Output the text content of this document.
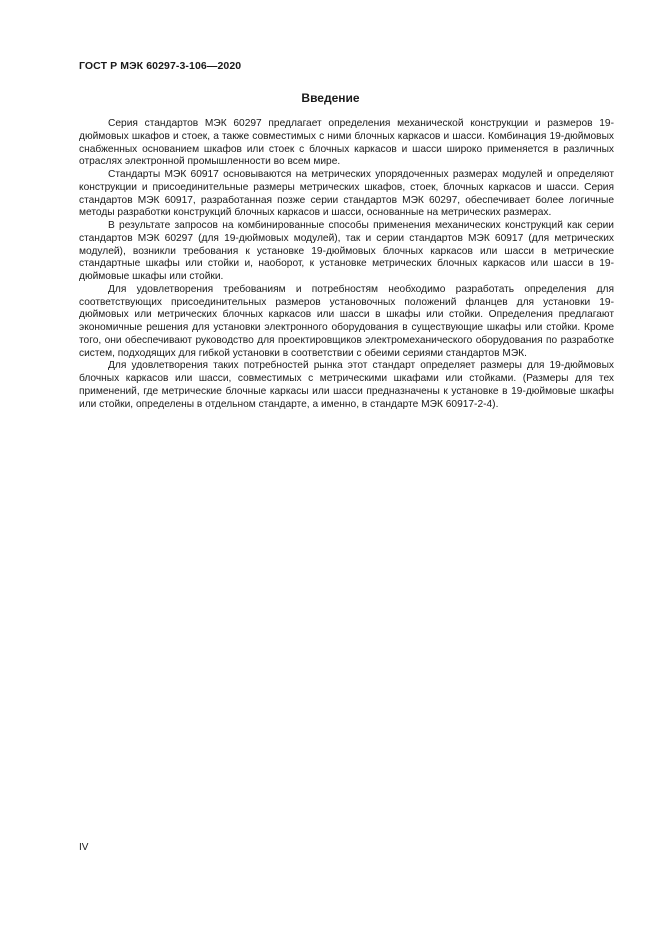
ГОСТ Р МЭК 60297-3-106—2020
Введение

Серия стандартов МЭК 60297 предлагает определения механической конструкции и размеров 19-дюймовых шкафов и стоек, а также совместимых с ними блочных каркасов и шасси. Комбинация 19-дюймовых снабженных основанием шкафов или стоек с блочных каркасов и шасси широко применяется в различных отраслях электронной промышленности во всем мире.

Стандарты МЭК 60917 основываются на метрических упорядоченных размерах модулей и определяют конструкции и присоединительные размеры метрических шкафов, стоек, блочных каркасов и шасси. Серия стандартов МЭК 60917, разработанная позже серии стандартов МЭК 60297, обеспечивает более логичные методы разработки конструкций блочных каркасов и шасси, основанные на метрических размерах.

В результате запросов на комбинированные способы применения механических конструкций как серии стандартов МЭК 60297 (для 19-дюймовых модулей), так и серии стандартов МЭК 60917 (для метрических модулей), возникли требования к установке 19-дюймовых блочных каркасов или шасси в метрические стандартные шкафы или стойки и, наоборот, к установке метрических блочных каркасов или шасси в 19-дюймовые шкафы или стойки.

Для удовлетворения требованиям и потребностям необходимо разработать определения для соответствующих присоединительных размеров установочных положений фланцев для установки 19-дюймовых или метрических блочных каркасов или шасси в шкафы или стойки. Определения предлагают экономичные решения для установки электронного оборудования в существующие шкафы или стойки. Кроме того, они обеспечивают руководство для проектировщиков электромеханического оборудования по разработке систем, подходящих для гибкой установки в соответствии с обеими сериями стандартов МЭК.

Для удовлетворения таких потребностей рынка этот стандарт определяет размеры для 19-дюймовых блочных каркасов или шасси, совместимых с метрическими шкафами или стойками. (Размеры для тех применений, где метрические блочные каркасы или шасси предназначены к установке в 19-дюймовые шкафы или стойки, определены в отдельном стандарте, а именно, в стандарте МЭК 60917-2-4).

IV
